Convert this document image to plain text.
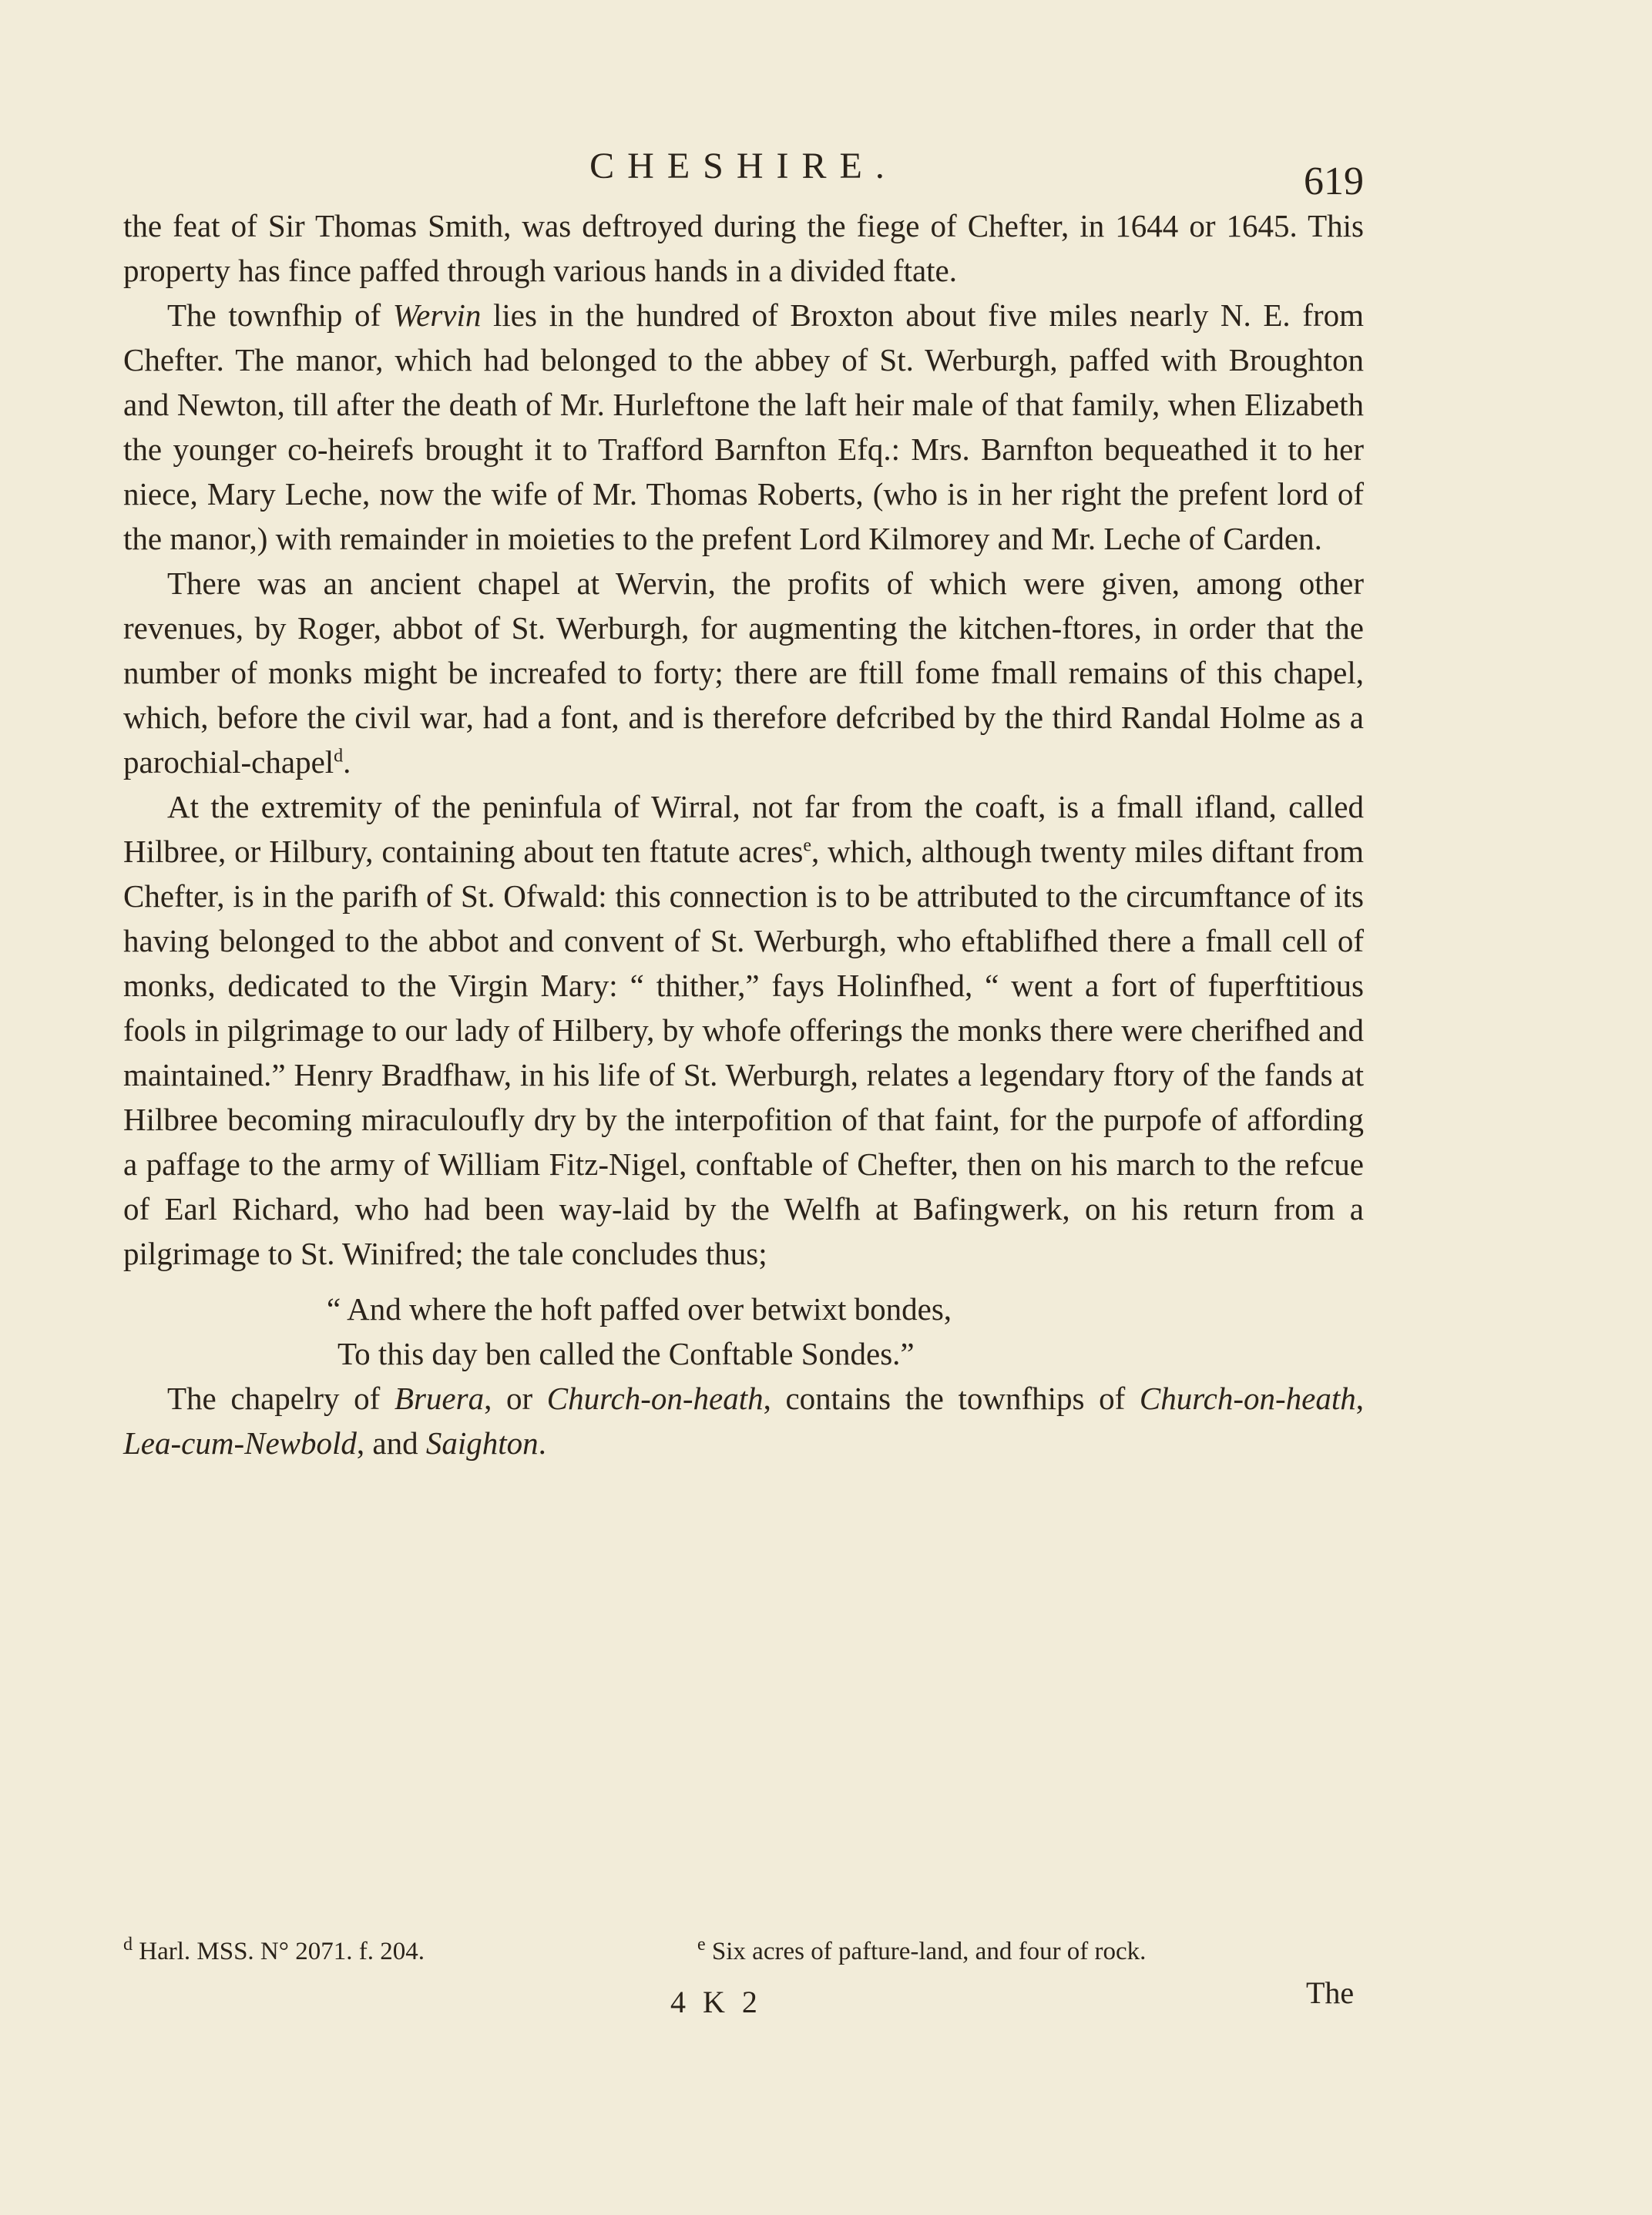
CHESHIRE.	619

the feat of Sir Thomas Smith, was deftroyed during the fiege of Chefter, in 1644 or 1645. This property has fince paffed through various hands in a divided ftate.

The townfhip of Wervin lies in the hundred of Broxton about five miles nearly N. E. from Chefter. The manor, which had belonged to the abbey of St. Werburgh, paffed with Broughton and Newton, till after the death of Mr. Hurleftone the laft heir male of that family, when Elizabeth the younger co-heirefs brought it to Trafford Barnfton Efq.: Mrs. Barnfton bequeathed it to her niece, Mary Leche, now the wife of Mr. Thomas Roberts, (who is in her right the prefent lord of the manor,) with remainder in moieties to the prefent Lord Kilmorey and Mr. Leche of Carden.

There was an ancient chapel at Wervin, the profits of which were given, among other revenues, by Roger, abbot of St. Werburgh, for augmenting the kitchen-ftores, in order that the number of monks might be increafed to forty; there are ftill fome fmall remains of this chapel, which, before the civil war, had a font, and is therefore defcribed by the third Randal Holme as a parochial-chapel$^d$.

At the extremity of the peninfula of Wirral, not far from the coaft, is a fmall ifland, called Hilbree, or Hilbury, containing about ten ftatute acres$^e$, which, although twenty miles diftant from Chefter, is in the parifh of St. Ofwald: this connection is to be attributed to the circumftance of its having belonged to the abbot and convent of St. Werburgh, who eftablifhed there a fmall cell of monks, dedicated to the Virgin Mary: “ thither,” fays Holinfhed, “ went a fort of fuperftitious fools in pilgrimage to our lady of Hilbery, by whofe offerings the monks there were cherifhed and maintained.” Henry Bradfhaw, in his life of St. Werburgh, relates a legendary ftory of the fands at Hilbree becoming miraculoufly dry by the interpofition of that faint, for the purpofe of affording a paffage to the army of William Fitz-Nigel, conftable of Chefter, then on his march to the refcue of Earl Richard, who had been way-laid by the Welfh at Bafingwerk, on his return from a pilgrimage to St. Winifred; the tale concludes thus;

“ And where the hoft paffed over betwixt bondes,
To this day ben called the Conftable Sondes.”

The chapelry of Bruera, or Church-on-heath, contains the townfhips of Church-on-heath, Lea-cum-Newbold, and Saighton.

$^d$ Harl. MSS. N° 2071. f. 204.	$^e$ Six acres of pafture-land, and four of rock.
4 K 2	The
